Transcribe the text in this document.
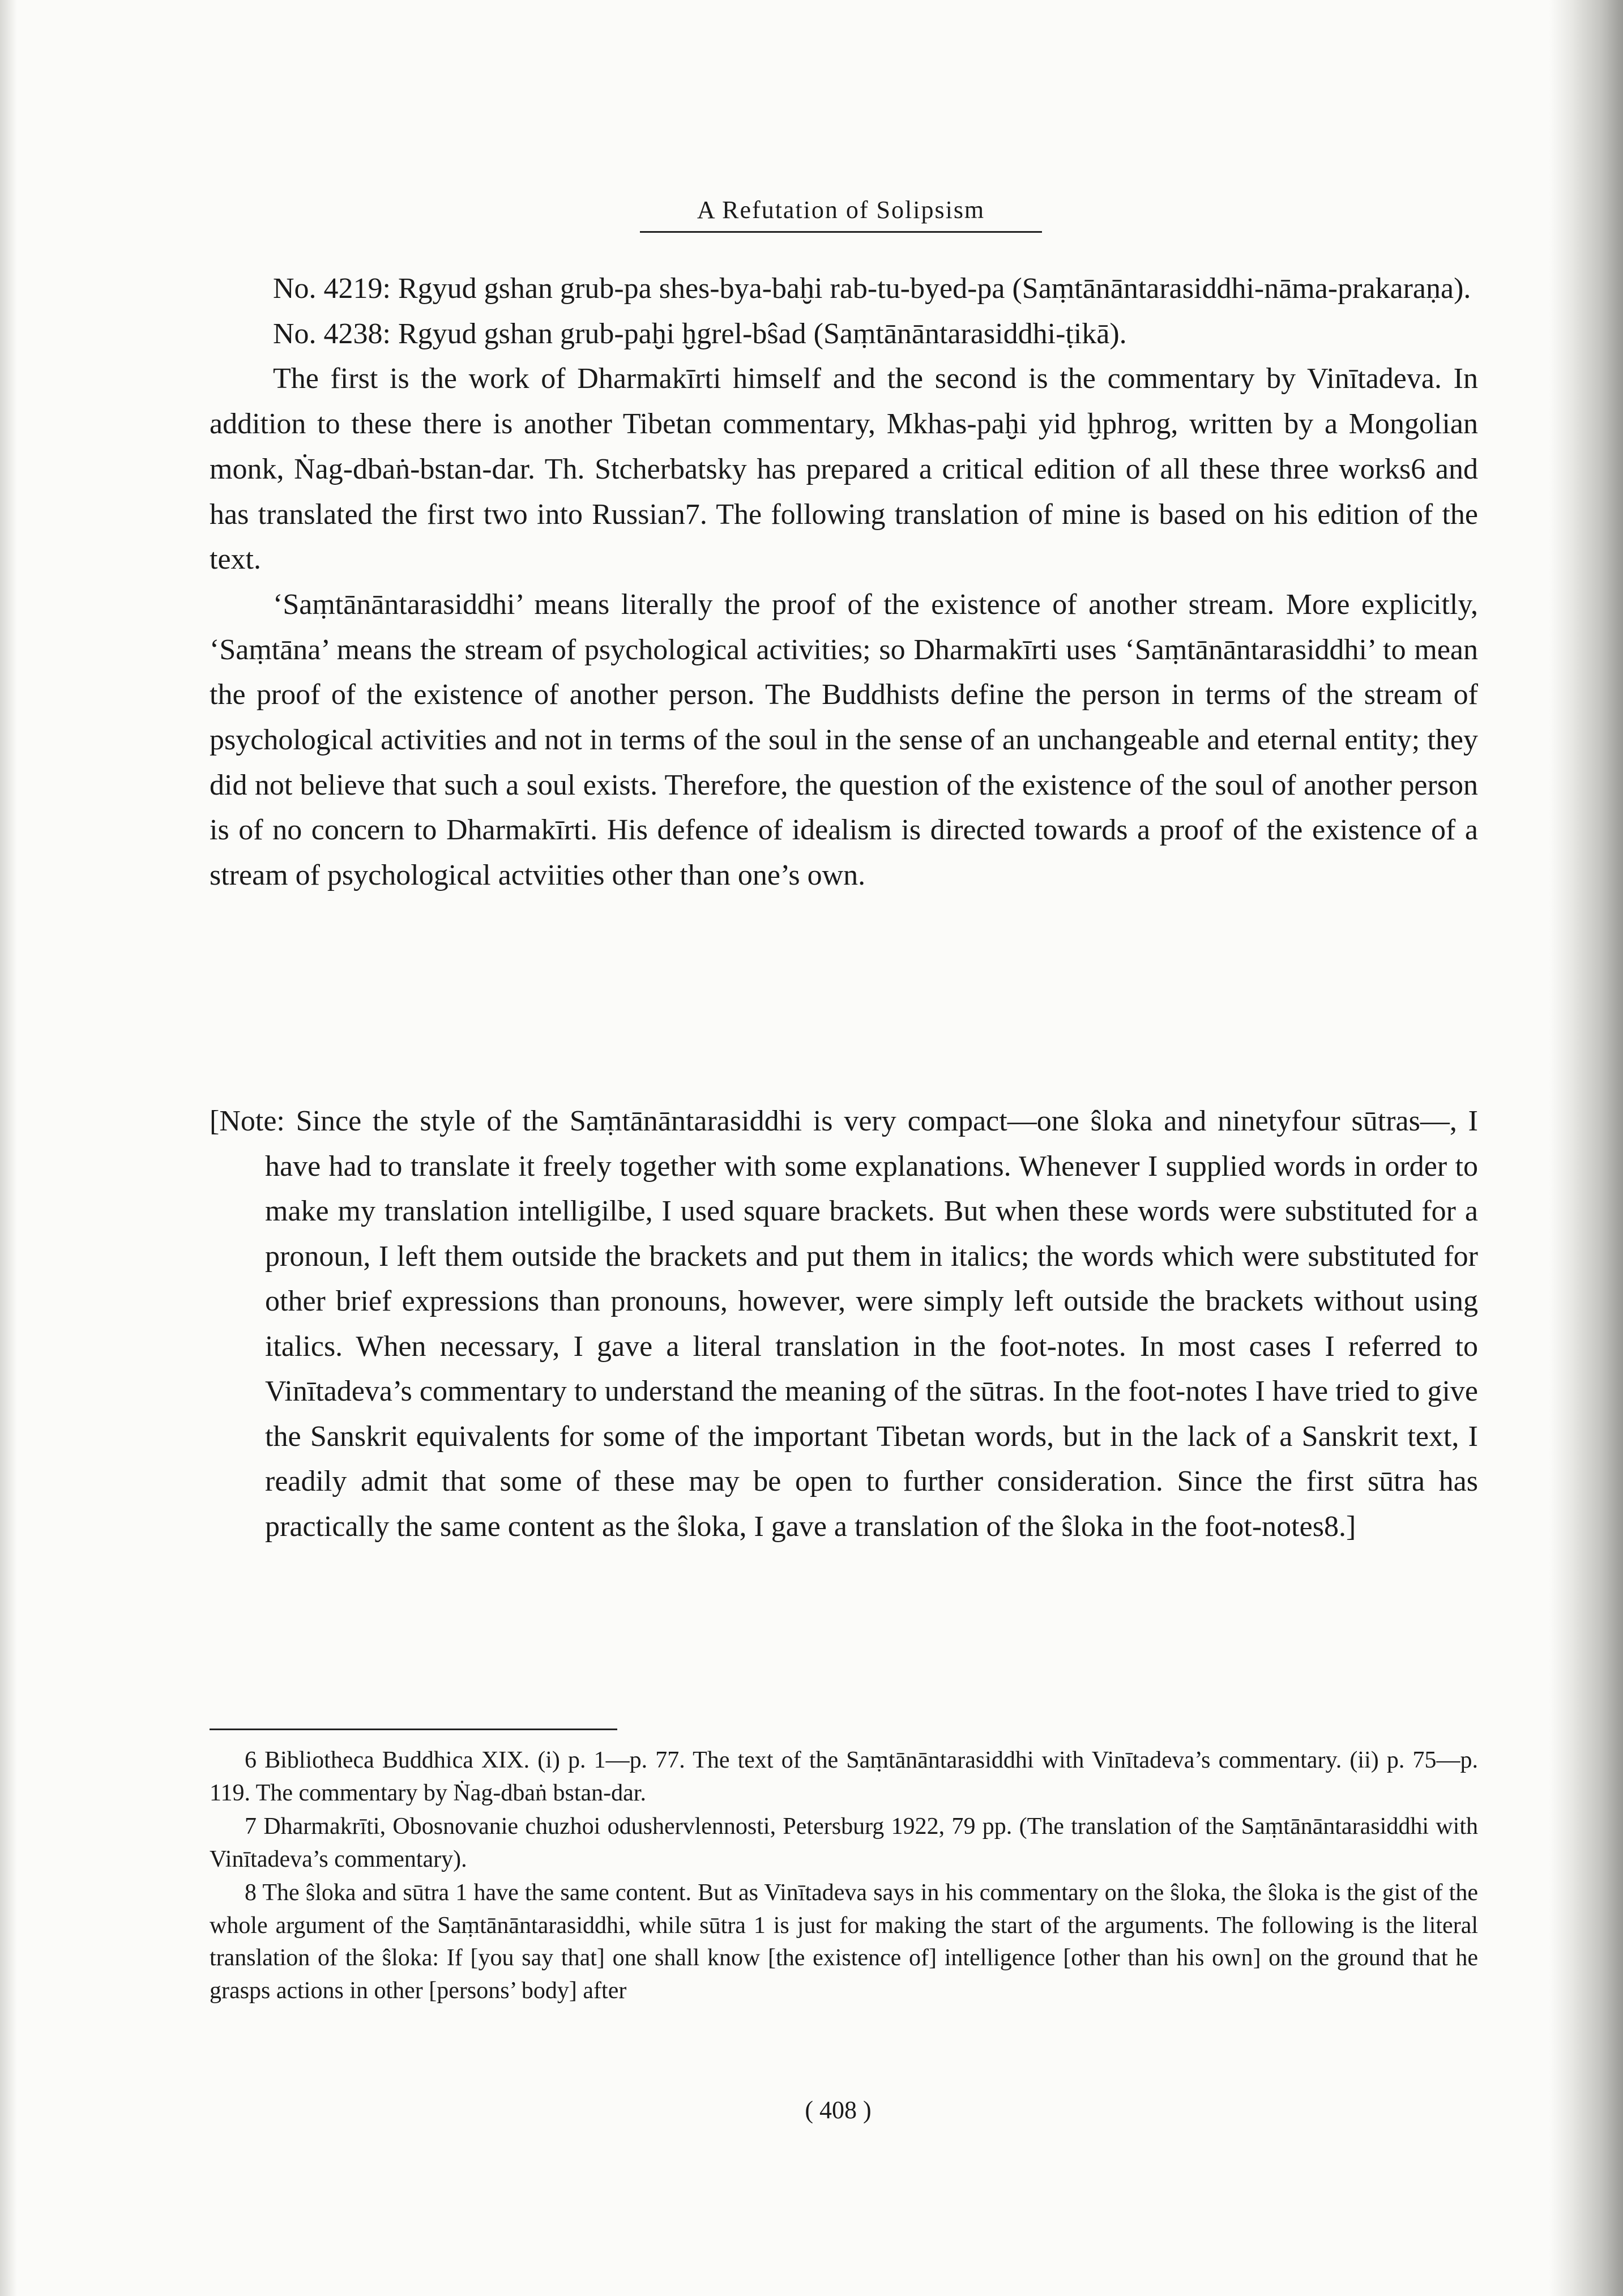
A Refutation of Solipsism

No. 4219: Rgyud gshan grub-pa shes-bya-baḫi rab-tu-byed-pa (Saṃtānāntarasiddhi-nāma-prakaraṇa).

No. 4238: Rgyud gshan grub-paḫi ḫgrel-bŝad (Saṃtānāntarasiddhi-ṭikā).

The first is the work of Dharmakīrti himself and the second is the commentary by Vinītadeva. In addition to these there is another Tibetan commentary, Mkhas-paḫi yid ḫphrog, written by a Mongolian monk, Ṅag-dbaṅ-bstan-dar. Th. Stcherbatsky has prepared a critical edition of all these three works6 and has translated the first two into Russian7. The following translation of mine is based on his edition of the text.

‘Saṃtānāntarasiddhi’ means literally the proof of the existence of another stream. More explicitly, ‘Saṃtāna’ means the stream of psychological activities; so Dharmakīrti uses ‘Saṃtānāntarasiddhi’ to mean the proof of the existence of another person. The Buddhists define the person in terms of the stream of psychological activities and not in terms of the soul in the sense of an unchangeable and eternal entity; they did not believe that such a soul exists. Therefore, the question of the existence of the soul of another person is of no concern to Dharmakīrti. His defence of idealism is directed towards a proof of the existence of a stream of psychological actviities other than one’s own.

[Note: Since the style of the Saṃtānāntarasiddhi is very compact—one ŝloka and ninetyfour sūtras—, I have had to translate it freely together with some explanations. Whenever I supplied words in order to make my translation intelligilbe, I used square brackets. But when these words were substituted for a pronoun, I left them outside the brackets and put them in italics; the words which were substituted for other brief expressions than pronouns, however, were simply left outside the brackets without using italics. When necessary, I gave a literal translation in the foot-notes. In most cases I referred to Vinītadeva’s commentary to understand the meaning of the sūtras. In the foot-notes I have tried to give the Sanskrit equivalents for some of the important Tibetan words, but in the lack of a Sanskrit text, I readily admit that some of these may be open to further consideration. Since the first sūtra has practically the same content as the ŝloka, I gave a translation of the ŝloka in the foot-notes8.]

6 Bibliotheca Buddhica XIX. (i) p. 1—p. 77. The text of the Saṃtānāntarasiddhi with Vinītadeva’s commentary. (ii) p. 75—p. 119. The commentary by Ṅag-dbaṅ bstan-dar.

7 Dharmakrīti, Obosnovanie chuzhoi odushervlennosti, Petersburg 1922, 79 pp. (The translation of the Saṃtānāntarasiddhi with Vinītadeva’s commentary).

8 The ŝloka and sūtra 1 have the same content. But as Vinītadeva says in his commentary on the ŝloka, the ŝloka is the gist of the whole argument of the Saṃtānāntarasiddhi, while sūtra 1 is just for making the start of the arguments. The following is the literal translation of the ŝloka: If [you say that] one shall know [the existence of] intelligence [other than his own] on the ground that he grasps actions in other [persons’ body] after

( 408 )
